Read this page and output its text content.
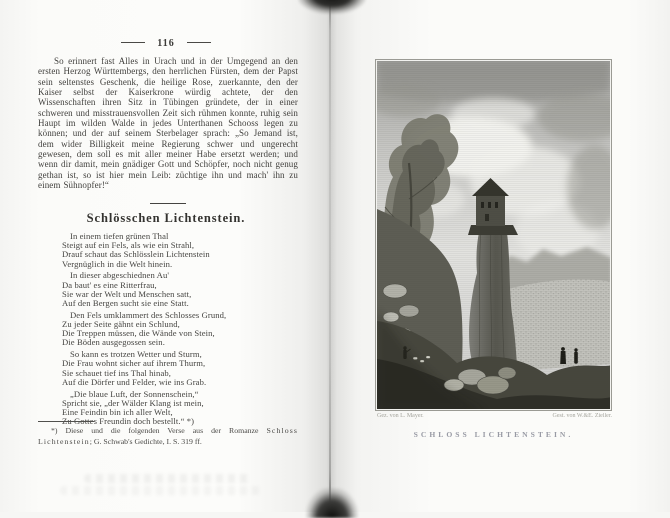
116
So erinnert fast Alles in Urach und in der Umgegend an den ersten Herzog Württembergs, den herrlichen Fürsten, dem der Papst sein seltenstes Geschenk, die heilige Rose, zuerkannte, den der Kaiser selbst der Kaiserkrone würdig achtete, der den Wissenschaften ihren Sitz in Tübingen gründete, der in einer schweren und misstrauensvollen Zeit sich rühmen konnte, ruhig sein Haupt im wilden Walde in jedes Unterthanen Schooss legen zu können; und der auf seinem Sterbelager sprach: „So Jemand ist, dem wider Billigkeit meine Regierung schwer und ungerecht gewesen, dem soll es mit aller meiner Habe ersetzt werden; und wenn dir damit, mein gnädiger Gott und Schöpfer, noch nicht genug gethan ist, so ist hier mein Leib: züchtige ihn und mach' ihn zu einem Sühnopfer!“
Schlösschen Lichtenstein.
In einem tiefen grünen Thal
Steigt auf ein Fels, als wie ein Strahl,
Drauf schaut das Schlösslein Lichtenstein
Vergnüglich in die Welt hinein.
In dieser abgeschiednen Au'
Da baut' es eine Ritterfrau,
Sie war der Welt und Menschen satt,
Auf den Bergen sucht sie eine Statt.
Den Fels umklammert des Schlosses Grund,
Zu jeder Seite gähnt ein Schlund,
Die Treppen müssen, die Wände von Stein,
Die Böden ausgegossen sein.
So kann es trotzen Wetter und Sturm,
Die Frau wohnt sicher auf ihrem Thurm,
Sie schauet tief ins Thal hinab,
Auf die Dörfer und Felder, wie ins Grab.
„Die blaue Luft, der Sonnenschein,“
Spricht sie, „der Wälder Klang ist mein,
Eine Feindin bin ich aller Welt,
Zu Gottes Freundin doch bestellt.“ *)
*) Diese und die folgenden Verse aus der Romanze Schloss Lichtenstein; G. Schwab's Gedichte, I. S. 319 ff.
Gez. von L. Mayer.	Gest. von W.&E. Zieller.
SCHLOSS LICHTENSTEIN.
